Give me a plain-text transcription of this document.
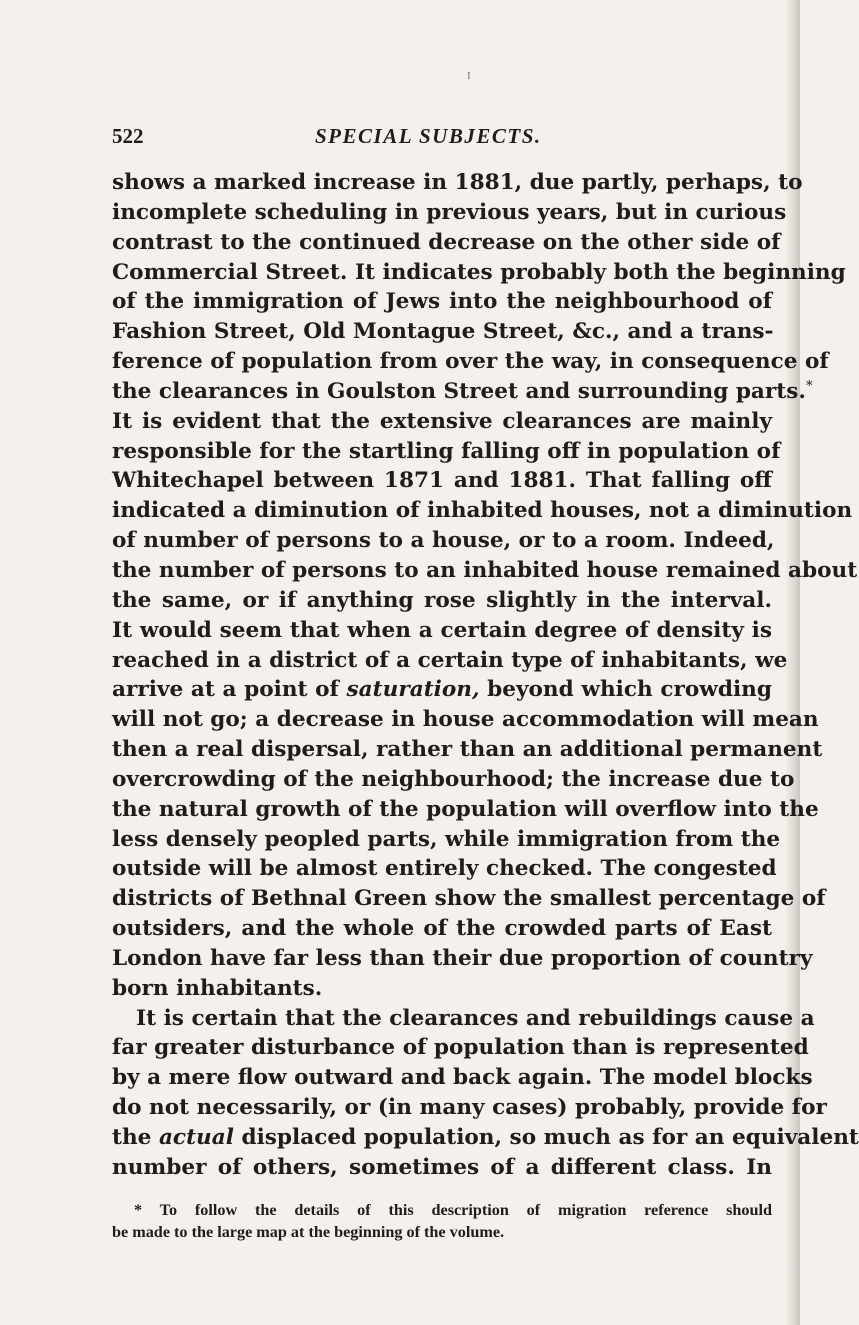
I
522	SPECIAL SUBJECTS.
shows a marked increase in 1881, due partly, perhaps, to
incomplete scheduling in previous years, but in curious
contrast to the continued decrease on the other side of
Commercial Street. It indicates probably both the beginning
of the immigration of Jews into the neighbourhood of
Fashion Street, Old Montague Street, &c., and a trans-
ference of population from over the way, in consequence of
the clearances in Goulston Street and surrounding parts.*
It is evident that the extensive clearances are mainly
responsible for the startling falling off in population of
Whitechapel between 1871 and 1881. That falling off
indicated a diminution of inhabited houses, not a diminution
of number of persons to a house, or to a room. Indeed,
the number of persons to an inhabited house remained about
the same, or if anything rose slightly in the interval.
It would seem that when a certain degree of density is
reached in a district of a certain type of inhabitants, we
arrive at a point of saturation, beyond which crowding
will not go; a decrease in house accommodation will mean
then a real dispersal, rather than an additional permanent
overcrowding of the neighbourhood; the increase due to
the natural growth of the population will overflow into the
less densely peopled parts, while immigration from the
outside will be almost entirely checked. The congested
districts of Bethnal Green show the smallest percentage of
outsiders, and the whole of the crowded parts of East
London have far less than their due proportion of country
born inhabitants.
It is certain that the clearances and rebuildings cause a
far greater disturbance of population than is represented
by a mere flow outward and back again. The model blocks
do not necessarily, or (in many cases) probably, provide for
the actual displaced population, so much as for an equivalent
number of others, sometimes of a different class. In
* To follow the details of this description of migration reference should
be made to the large map at the beginning of the volume.
